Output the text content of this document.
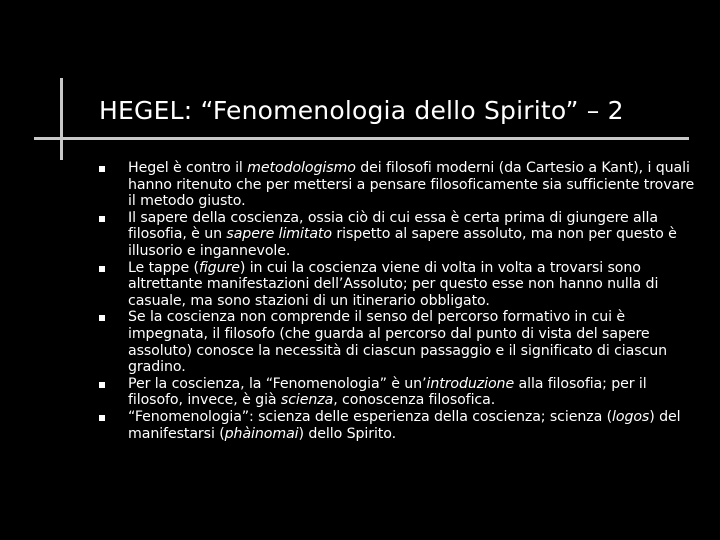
HEGEL: “Fenomenologia dello Spirito” – 2
Hegel è contro il metodologismo dei filosofi moderni (da Cartesio a Kant), i quali hanno ritenuto che per mettersi a pensare filosoficamente sia sufficiente trovare il metodo giusto.
Il sapere della coscienza, ossia ciò di cui essa è certa prima di giungere alla filosofia, è un sapere limitato rispetto al sapere assoluto, ma non per questo è illusorio e ingannevole.
Le tappe (figure) in cui la coscienza viene di volta in volta a trovarsi sono altrettante manifestazioni dell’Assoluto; per questo esse non hanno nulla di casuale, ma sono stazioni di un itinerario obbligato.
Se la coscienza non comprende il senso del percorso formativo in cui è impegnata, il filosofo (che guarda al percorso dal punto di vista del sapere assoluto) conosce la necessità di ciascun passaggio e il significato di ciascun gradino.
Per la coscienza, la “Fenomenologia” è un’introduzione alla filosofia; per il filosofo, invece, è già scienza, conoscenza filosofica.
“Fenomenologia”: scienza delle esperienza della coscienza; scienza (logos) del manifestarsi (phàinomai) dello Spirito.
